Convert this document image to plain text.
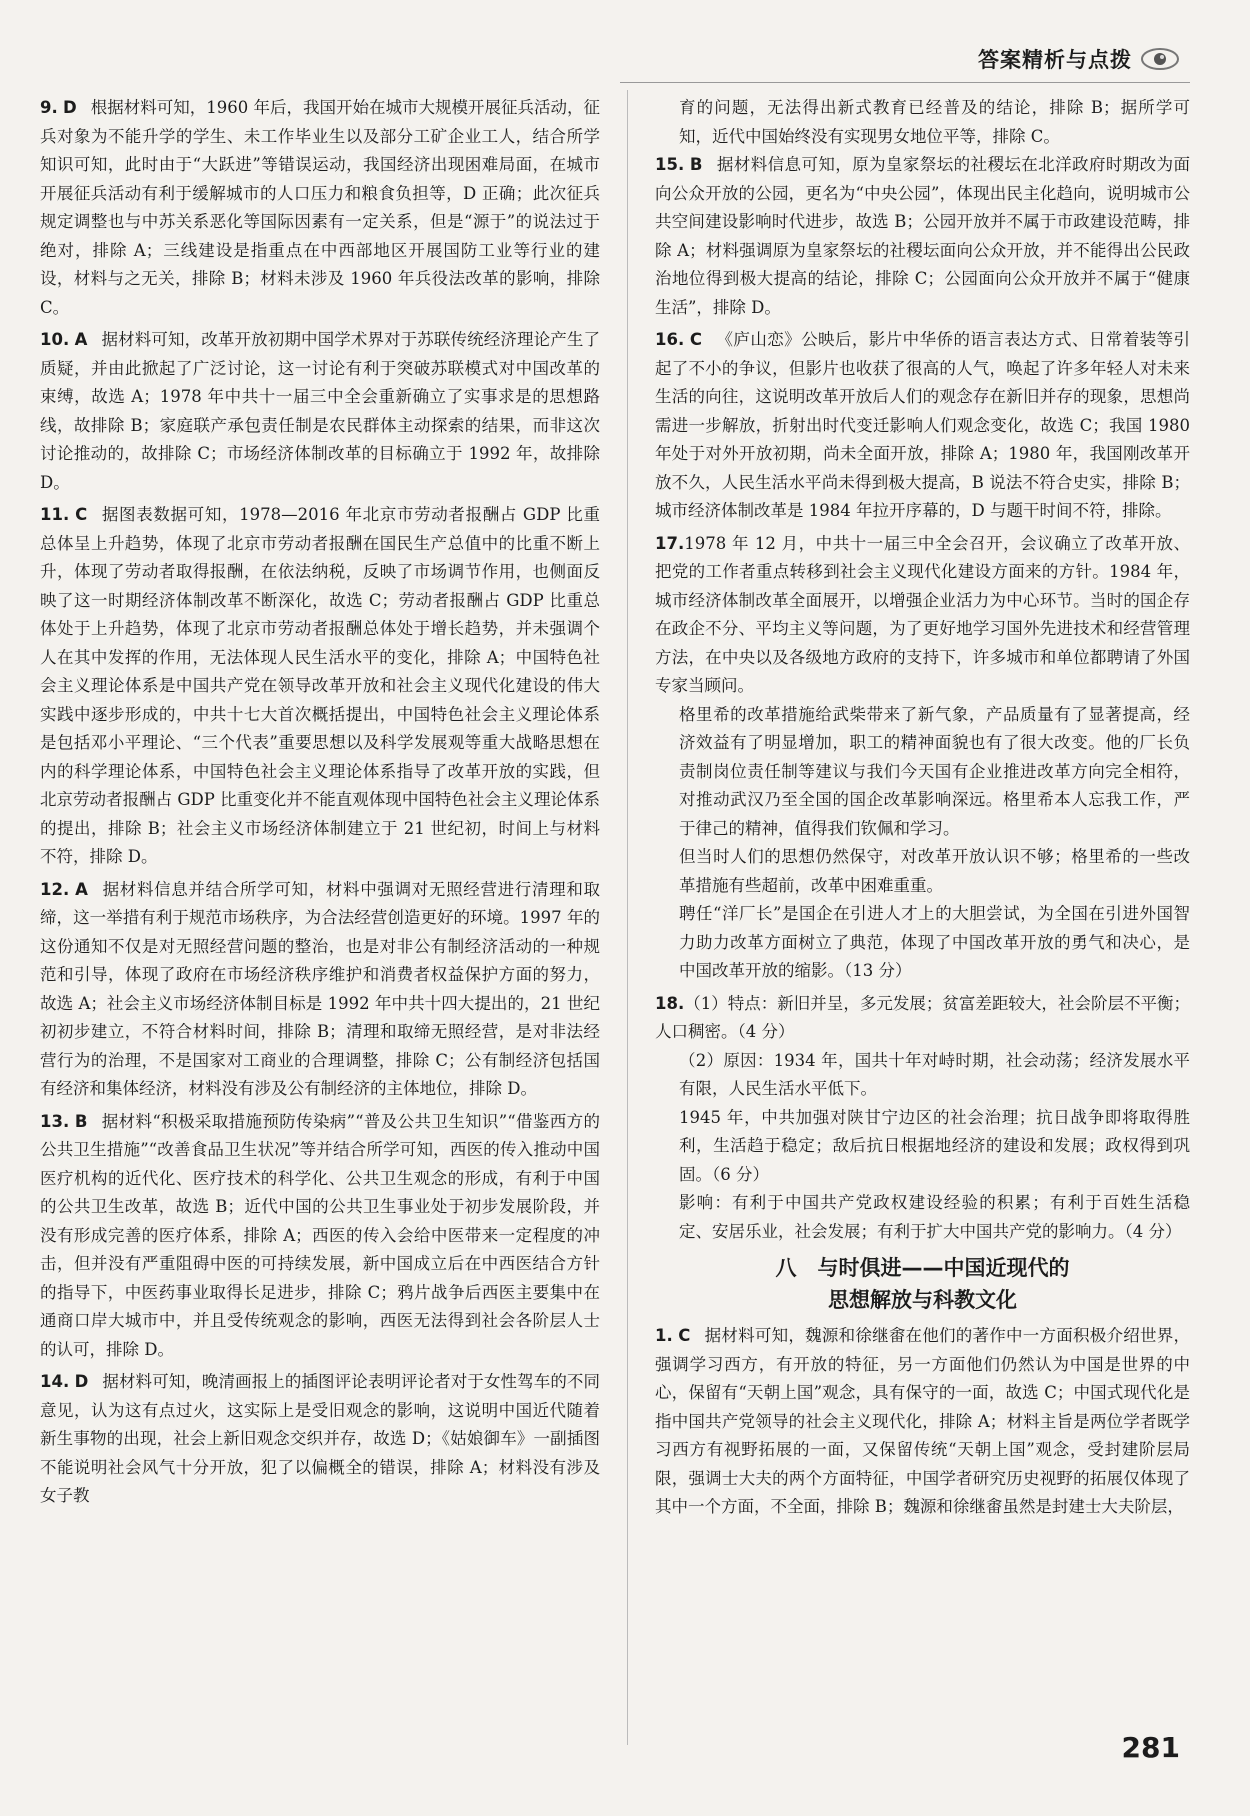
答案精析与点拨
9. D 根据材料可知，1960 年后，我国开始在城市大规模开展征兵活动，征兵对象为不能升学的学生、未工作毕业生以及部分工矿企业工人，结合所学知识可知，此时由于“大跃进”等错误运动，我国经济出现困难局面，在城市开展征兵活动有利于缓解城市的人口压力和粮食负担等，D 正确；此次征兵规定调整也与中苏关系恶化等国际因素有一定关系，但是“源于”的说法过于绝对，排除 A；三线建设是指重点在中西部地区开展国防工业等行业的建设，材料与之无关，排除 B；材料未涉及 1960 年兵役法改革的影响，排除 C。
10. A 据材料可知，改革开放初期中国学术界对于苏联传统经济理论产生了质疑，并由此掀起了广泛讨论，这一讨论有利于突破苏联模式对中国改革的束缚，故选 A；1978 年中共十一届三中全会重新确立了实事求是的思想路线，故排除 B；家庭联产承包责任制是农民群体主动探索的结果，而非这次讨论推动的，故排除 C；市场经济体制改革的目标确立于 1992 年，故排除 D。
11. C 据图表数据可知，1978—2016 年北京市劳动者报酬占 GDP 比重总体呈上升趋势，体现了北京市劳动者报酬在国民生产总值中的比重不断上升，体现了劳动者取得报酬，在依法纳税，反映了市场调节作用，也侧面反映了这一时期经济体制改革不断深化，故选 C；劳动者报酬占 GDP 比重总体处于上升趋势，体现了北京市劳动者报酬总体处于增长趋势，并未强调个人在其中发挥的作用，无法体现人民生活水平的变化，排除 A；中国特色社会主义理论体系是中国共产党在领导改革开放和社会主义现代化建设的伟大实践中逐步形成的，中共十七大首次概括提出，中国特色社会主义理论体系是包括邓小平理论、“三个代表”重要思想以及科学发展观等重大战略思想在内的科学理论体系，中国特色社会主义理论体系指导了改革开放的实践，但北京劳动者报酬占 GDP 比重变化并不能直观体现中国特色社会主义理论体系的提出，排除 B；社会主义市场经济体制建立于 21 世纪初，时间上与材料不符，排除 D。
12. A 据材料信息并结合所学可知，材料中强调对无照经营进行清理和取缔，这一举措有利于规范市场秩序，为合法经营创造更好的环境。1997 年的这份通知不仅是对无照经营问题的整治，也是对非公有制经济活动的一种规范和引导，体现了政府在市场经济秩序维护和消费者权益保护方面的努力，故选 A；社会主义市场经济体制目标是 1992 年中共十四大提出的，21 世纪初初步建立，不符合材料时间，排除 B；清理和取缔无照经营，是对非法经营行为的治理，不是国家对工商业的合理调整，排除 C；公有制经济包括国有经济和集体经济，材料没有涉及公有制经济的主体地位，排除 D。
13. B 据材料“积极采取措施预防传染病”“普及公共卫生知识”“借鉴西方的公共卫生措施”“改善食品卫生状况”等并结合所学可知，西医的传入推动中国医疗机构的近代化、医疗技术的科学化、公共卫生观念的形成，有利于中国的公共卫生改革，故选 B；近代中国的公共卫生事业处于初步发展阶段，并没有形成完善的医疗体系，排除 A；西医的传入会给中医带来一定程度的冲击，但并没有严重阻碍中医的可持续发展，新中国成立后在中西医结合方针的指导下，中医药事业取得长足进步，排除 C；鸦片战争后西医主要集中在通商口岸大城市中，并且受传统观念的影响，西医无法得到社会各阶层人士的认可，排除 D。
14. D 据材料可知，晚清画报上的插图评论表明评论者对于女性驾车的不同意见，认为这有点过火，这实际上是受旧观念的影响，这说明中国近代随着新生事物的出现，社会上新旧观念交织并存，故选 D；《姑娘御车》一副插图不能说明社会风气十分开放，犯了以偏概全的错误，排除 A；材料没有涉及女子教

育的问题，无法得出新式教育已经普及的结论，排除 B；据所学可知，近代中国始终没有实现男女地位平等，排除 C。

15. B 据材料信息可知，原为皇家祭坛的社稷坛在北洋政府时期改为面向公众开放的公园，更名为“中央公园”，体现出民主化趋向，说明城市公共空间建设影响时代进步，故选 B；公园开放并不属于市政建设范畴，排除 A；材料强调原为皇家祭坛的社稷坛面向公众开放，并不能得出公民政治地位得到极大提高的结论，排除 C；公园面向公众开放并不属于“健康生活”，排除 D。
16. C 《庐山恋》公映后，影片中华侨的语言表达方式、日常着装等引起了不小的争议，但影片也收获了很高的人气，唤起了许多年轻人对未来生活的向往，这说明改革开放后人们的观念存在新旧并存的现象，思想尚需进一步解放，折射出时代变迁影响人们观念变化，故选 C；我国 1980 年处于对外开放初期，尚未全面开放，排除 A；1980 年，我国刚改革开放不久，人民生活水平尚未得到极大提高，B 说法不符合史实，排除 B；城市经济体制改革是 1984 年拉开序幕的，D 与题干时间不符，排除。
17.1978 年 12 月，中共十一届三中全会召开，会议确立了改革开放、把党的工作者重点转移到社会主义现代化建设方面来的方针。1984 年，城市经济体制改革全面展开，以增强企业活力为中心环节。当时的国企存在政企不分、平均主义等问题，为了更好地学习国外先进技术和经营管理方法，在中央以及各级地方政府的支持下，许多城市和单位都聘请了外国专家当顾问。

格里希的改革措施给武柴带来了新气象，产品质量有了显著提高，经济效益有了明显增加，职工的精神面貌也有了很大改变。他的厂长负责制岗位责任制等建议与我们今天国有企业推进改革方向完全相符，对推动武汉乃至全国的国企改革影响深远。格里希本人忘我工作，严于律己的精神，值得我们钦佩和学习。

但当时人们的思想仍然保守，对改革开放认识不够；格里希的一些改革措施有些超前，改革中困难重重。

聘任“洋厂长”是国企在引进人才上的大胆尝试，为全国在引进外国智力助力改革方面树立了典范，体现了中国改革开放的勇气和决心，是中国改革开放的缩影。（13 分）

18.（1）特点：新旧并呈，多元发展；贫富差距较大，社会阶层不平衡；人口稠密。（4 分）

（2）原因：1934 年，国共十年对峙时期，社会动荡；经济发展水平有限，人民生活水平低下。

1945 年，中共加强对陕甘宁边区的社会治理；抗日战争即将取得胜利，生活趋于稳定；敌后抗日根据地经济的建设和发展；政权得到巩固。（6 分）

影响：有利于中国共产党政权建设经验的积累；有利于百姓生活稳定、安居乐业，社会发展；有利于扩大中国共产党的影响力。（4 分）

八　与时俱进——中国近现代的
思想解放与科教文化
1. C 据材料可知，魏源和徐继畬在他们的著作中一方面积极介绍世界，强调学习西方，有开放的特征，另一方面他们仍然认为中国是世界的中心，保留有“天朝上国”观念，具有保守的一面，故选 C；中国式现代化是指中国共产党领导的社会主义现代化，排除 A；材料主旨是两位学者既学习西方有视野拓展的一面，又保留传统“天朝上国”观念，受封建阶层局限，强调士大夫的两个方面特征，中国学者研究历史视野的拓展仅体现了其中一个方面，不全面，排除 B；魏源和徐继畬虽然是封建士大夫阶层，
281
